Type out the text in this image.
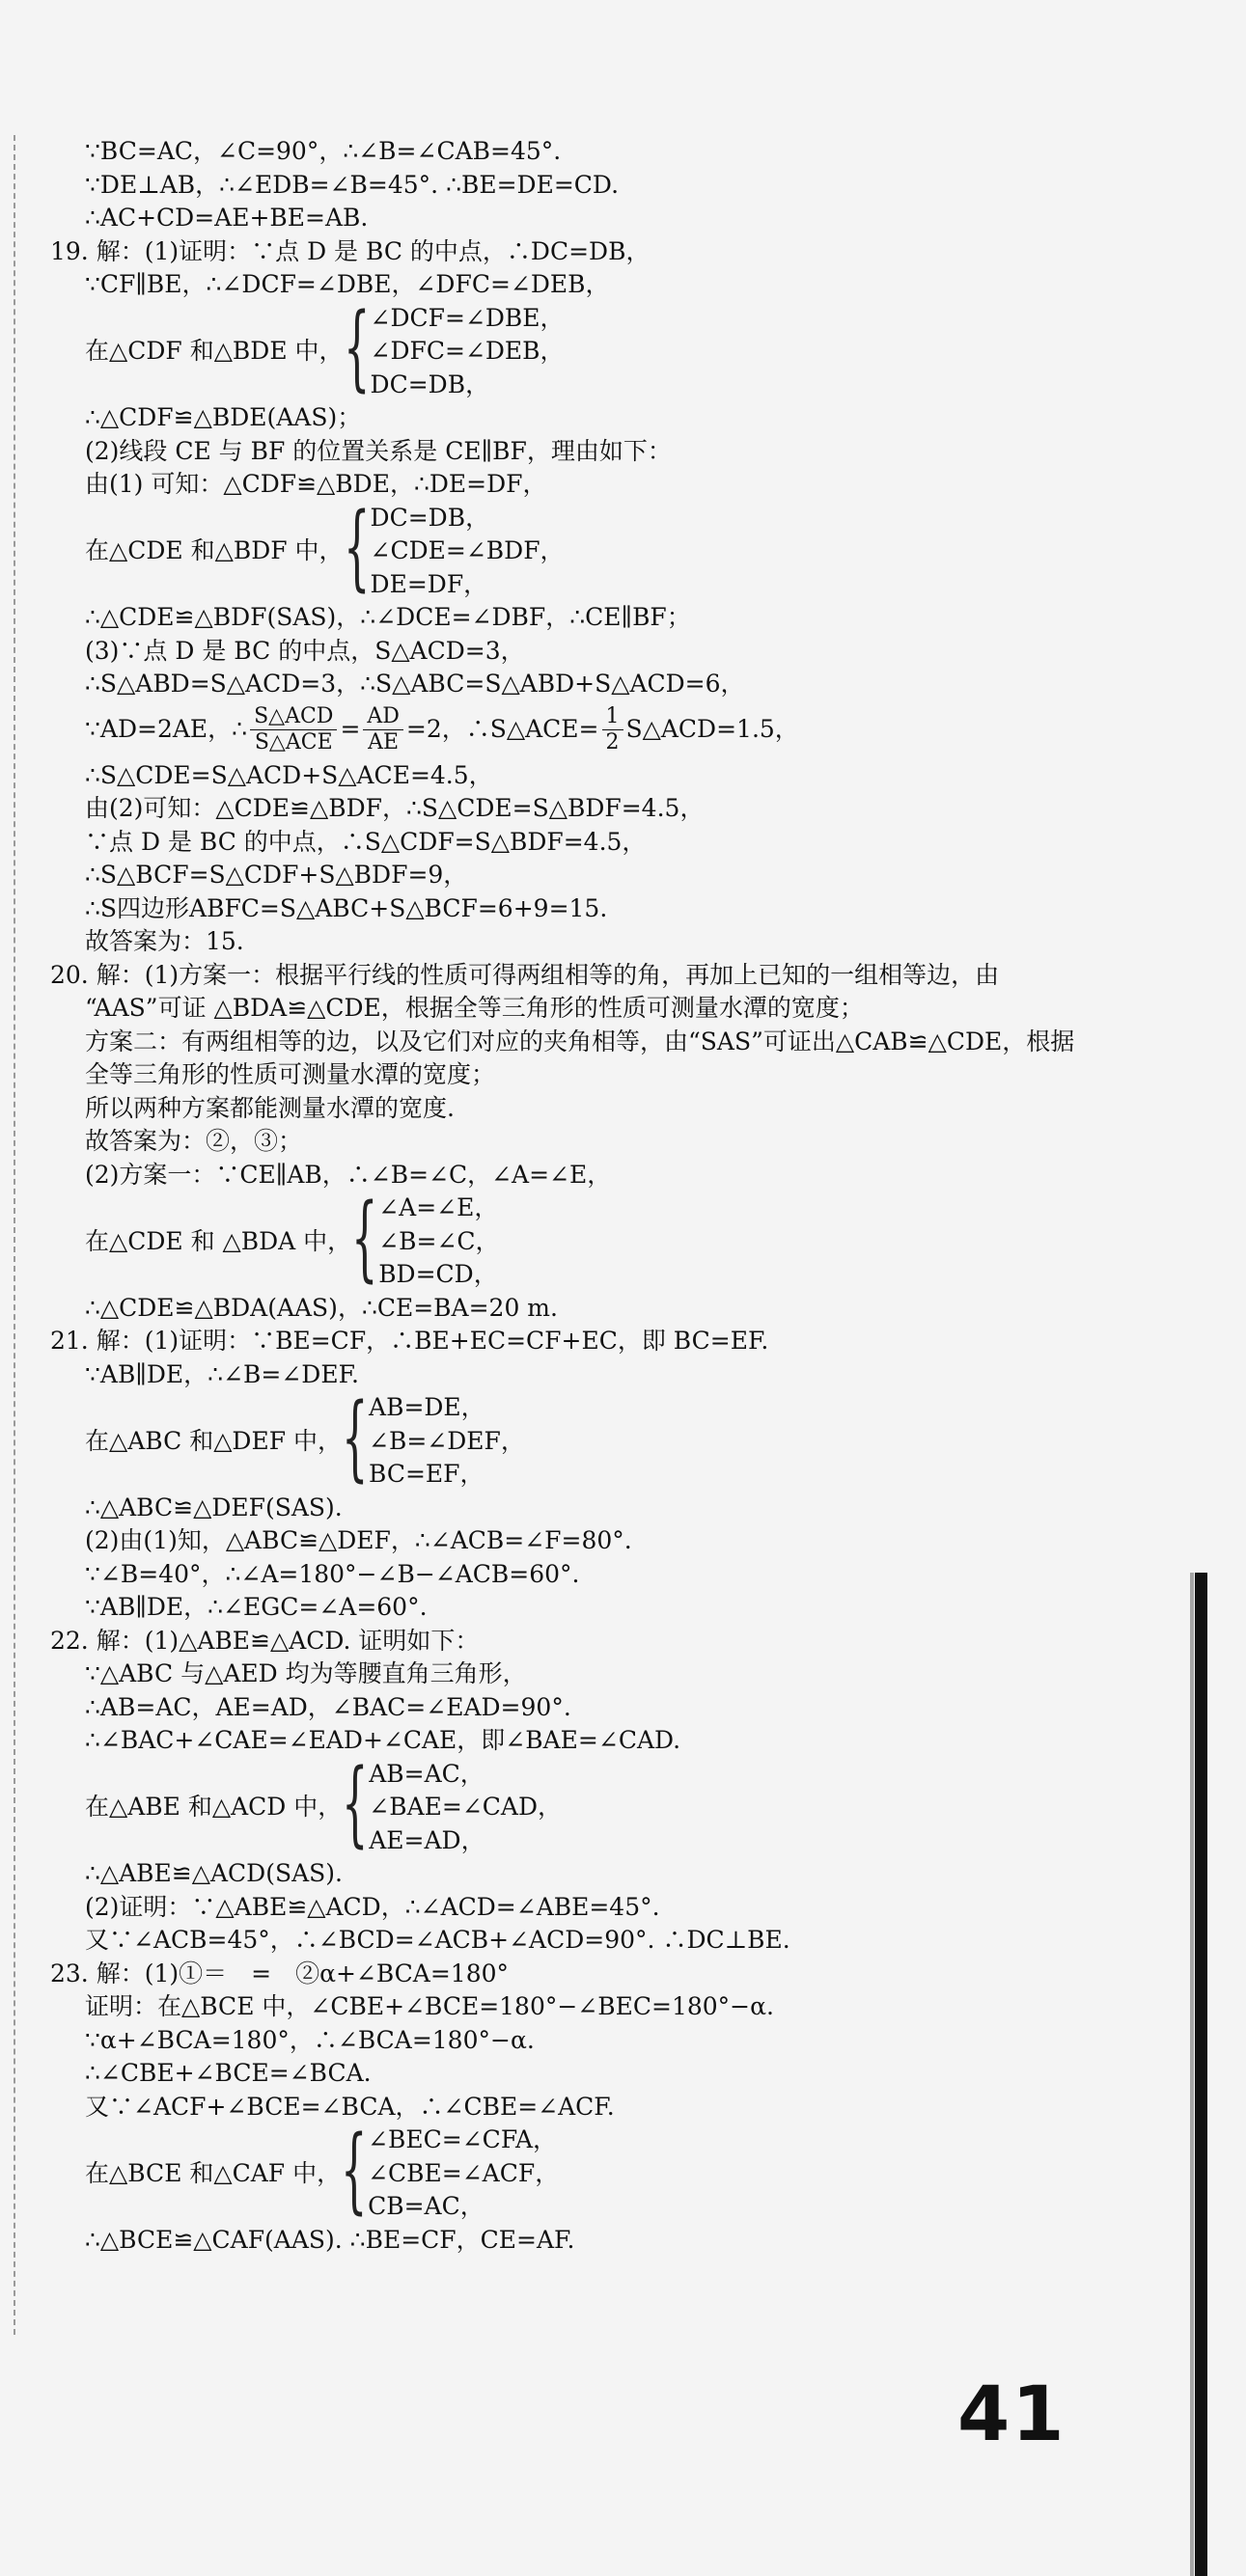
∵BC=AC，∠C=90°，∴∠B=∠CAB=45°.
∵DE⊥AB，∴∠EDB=∠B=45°. ∴BE=DE=CD.
∴AC+CD=AE+BE=AB.
19. 解：(1)证明：∵点 D 是 BC 的中点，∴DC=DB，
∵CF∥BE，∴∠DCF=∠DBE，∠DFC=∠DEB，
在△CDF 和△BDE 中， { ∠DCF=∠DBE，
∠DFC=∠DEB，
DC=DB，
∴△CDF≌△BDE(AAS)；
(2)线段 CE 与 BF 的位置关系是 CE∥BF，理由如下：
由(1) 可知：△CDF≌△BDE，∴DE=DF，
在△CDE 和△BDF 中， { DC=DB，
∠CDE=∠BDF，
DE=DF，
∴△CDE≌△BDF(SAS)，∴∠DCE=∠DBF，∴CE∥BF；
(3)∵点 D 是 BC 的中点，S△ACD=3，
∴S△ABD=S△ACD=3，∴S△ABC=S△ABD+S△ACD=6，
∵AD=2AE，∴ $\frac{\text{S△ACD}}{\text{S△ACE}} = \frac{AD}{AE} =2$，∴S△ACE= $\frac{1}{2}$ S△ACD=1.5，
∴S△CDE=S△ACD+S△ACE=4.5，
由(2)可知：△CDE≌△BDF，∴S△CDE=S△BDF=4.5，
∵点 D 是 BC 的中点，∴S△CDF=S△BDF=4.5，
∴S△BCF=S△CDF+S△BDF=9，
∴S四边形ABFC=S△ABC+S△BCF=6+9=15.
故答案为：15.
20. 解：(1)方案一：根据平行线的性质可得两组相等的角，再加上已知的一组相等边，由
“AAS”可证 △BDA≌△CDE，根据全等三角形的性质可测量水潭的宽度；
方案二：有两组相等的边，以及它们对应的夹角相等，由“SAS”可证出△CAB≌△CDE，根据
全等三角形的性质可测量水潭的宽度；
所以两种方案都能测量水潭的宽度.
故答案为：②，③；
(2)方案一：∵CE∥AB，∴∠B=∠C，∠A=∠E，
在△CDE 和 △BDA 中， { ∠A=∠E，
∠B=∠C，
BD=CD，
∴△CDE≌△BDA(AAS)，∴CE=BA=20 m.
21. 解：(1)证明：∵BE=CF，∴BE+EC=CF+EC，即 BC=EF.
∵AB∥DE，∴∠B=∠DEF.
在△ABC 和△DEF 中， { AB=DE，
∠B=∠DEF，
BC=EF，
∴△ABC≌△DEF(SAS).
(2)由(1)知，△ABC≌△DEF，∴∠ACB=∠F=80°.
∵∠B=40°，∴∠A=180°−∠B−∠ACB=60°.
∵AB∥DE，∴∠EGC=∠A=60°.
22. 解：(1)△ABE≌△ACD. 证明如下：
∵△ABC 与△AED 均为等腰直角三角形，
∴AB=AC，AE=AD，∠BAC=∠EAD=90°.
∴∠BAC+∠CAE=∠EAD+∠CAE，即∠BAE=∠CAD.
在△ABE 和△ACD 中， { AB=AC，
∠BAE=∠CAD，
AE=AD，
∴△ABE≌△ACD(SAS).
(2)证明：∵△ABE≌△ACD，∴∠ACD=∠ABE=45°.
又∵∠ACB=45°，∴∠BCD=∠ACB+∠ACD=90°. ∴DC⊥BE.
23. 解：(1)①＝　=　②α+∠BCA=180°
证明：在△BCE 中，∠CBE+∠BCE=180°−∠BEC=180°−α.
∵α+∠BCA=180°，∴∠BCA=180°−α.
∴∠CBE+∠BCE=∠BCA.
又∵∠ACF+∠BCE=∠BCA，∴∠CBE=∠ACF.
在△BCE 和△CAF 中， { ∠BEC=∠CFA，
∠CBE=∠ACF，
CB=AC，
∴△BCE≌△CAF(AAS). ∴BE=CF，CE=AF.
41
